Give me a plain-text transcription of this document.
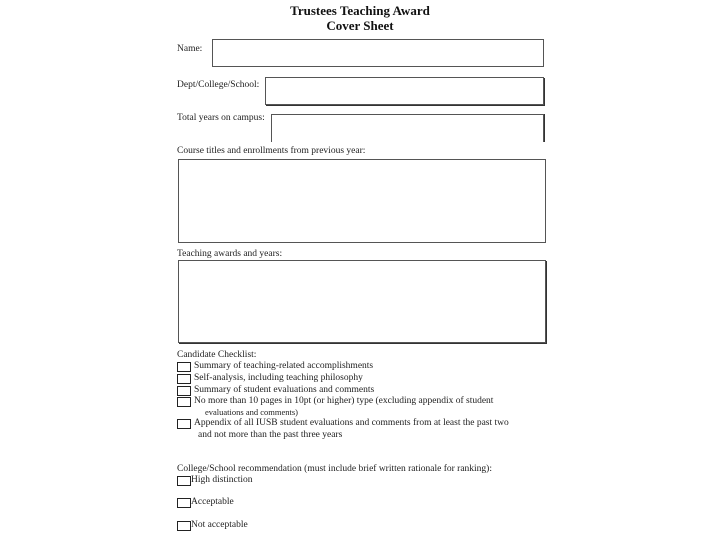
Trustees Teaching Award
Cover Sheet
Name:
Dept/College/School:
Total years on campus:
Course titles and enrollments from previous year:
Teaching awards and years:
Candidate Checklist:
Summary of teaching-related accomplishments
Self-analysis, including teaching philosophy
Summary of student evaluations and comments
No more than 10 pages in 10pt (or higher) type (excluding appendix of student
evaluations and comments)
Appendix of all IUSB student evaluations and comments from at least the past two
and not more than the past three years
College/School recommendation (must include brief written rationale for ranking):
High distinction
Acceptable
Not acceptable
